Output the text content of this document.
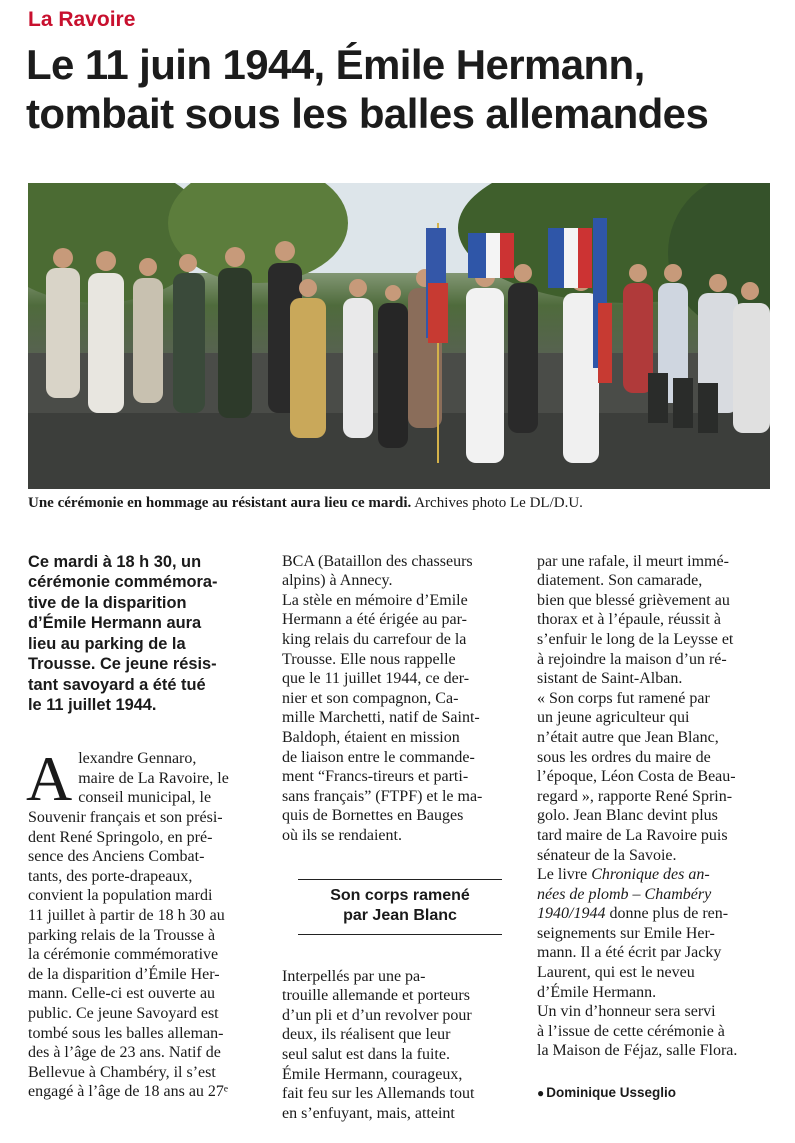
La Ravoire
Le 11 juin 1944, Émile Hermann, tombait sous les balles allemandes
Une cérémonie en hommage au résistant aura lieu ce mardi. Archives photo Le DL/D.U.

Ce mardi à 18 h 30, un
cérémonie commémora-
tive de la disparition
d’Émile Hermann aura
lieu au parking de la
Trousse. Ce jeune résis-
tant savoyard a été tué
le 11 juillet 1944.

A lexandre Gennaro,
maire de La Ravoire, le
conseil municipal, le
Souvenir français et son prési-
dent René Springolo, en pré-
sence des Anciens Combat-
tants, des porte-drapeaux,
convient la population mardi
11 juillet à partir de 18 h 30 au
parking relais de la Trousse à
la cérémonie commémorative
de la disparition d’Émile Her-
mann. Celle-ci est ouverte au
public. Ce jeune Savoyard est
tombé sous les balles alleman-
des à l’âge de 23 ans. Natif de
Bellevue à Chambéry, il s’est
engagé à l’âge de 18 ans au 27ᵉ

BCA (Bataillon des chasseurs
alpins) à Annecy.
La stèle en mémoire d’Emile
Hermann a été érigée au par-
king relais du carrefour de la
Trousse. Elle nous rappelle
que le 11 juillet 1944, ce der-
nier et son compagnon, Ca-
mille Marchetti, natif de Saint-
Baldoph, étaient en mission
de liaison entre le commande-
ment “Francs-tireurs et parti-
sans français” (FTPF) et le ma-
quis de Bornettes en Bauges
où ils se rendaient.

Son corps ramené
par Jean Blanc

Interpellés par une pa-
trouille allemande et porteurs
d’un pli et d’un revolver pour
deux, ils réalisent que leur
seul salut est dans la fuite.
Émile Hermann, courageux,
fait feu sur les Allemands tout
en s’enfuyant, mais, atteint

par une rafale, il meurt immé-
diatement. Son camarade,
bien que blessé grièvement au
thorax et à l’épaule, réussit à
s’enfuir le long de la Leysse et
à rejoindre la maison d’un ré-
sistant de Saint-Alban.
« Son corps fut ramené par
un jeune agriculteur qui
n’était autre que Jean Blanc,
sous les ordres du maire de
l’époque, Léon Costa de Beau-
regard », rapporte René Sprin-
golo. Jean Blanc devint plus
tard maire de La Ravoire puis
sénateur de la Savoie.
Le livre Chronique des an-
nées de plomb – Chambéry
1940/1944 donne plus de ren-
seignements sur Emile Her-
mann. Il a été écrit par Jacky
Laurent, qui est le neveu
d’Émile Hermann.
Un vin d’honneur sera servi
à l’issue de cette cérémonie à
la Maison de Féjaz, salle Flora.

● Dominique Usseglio
